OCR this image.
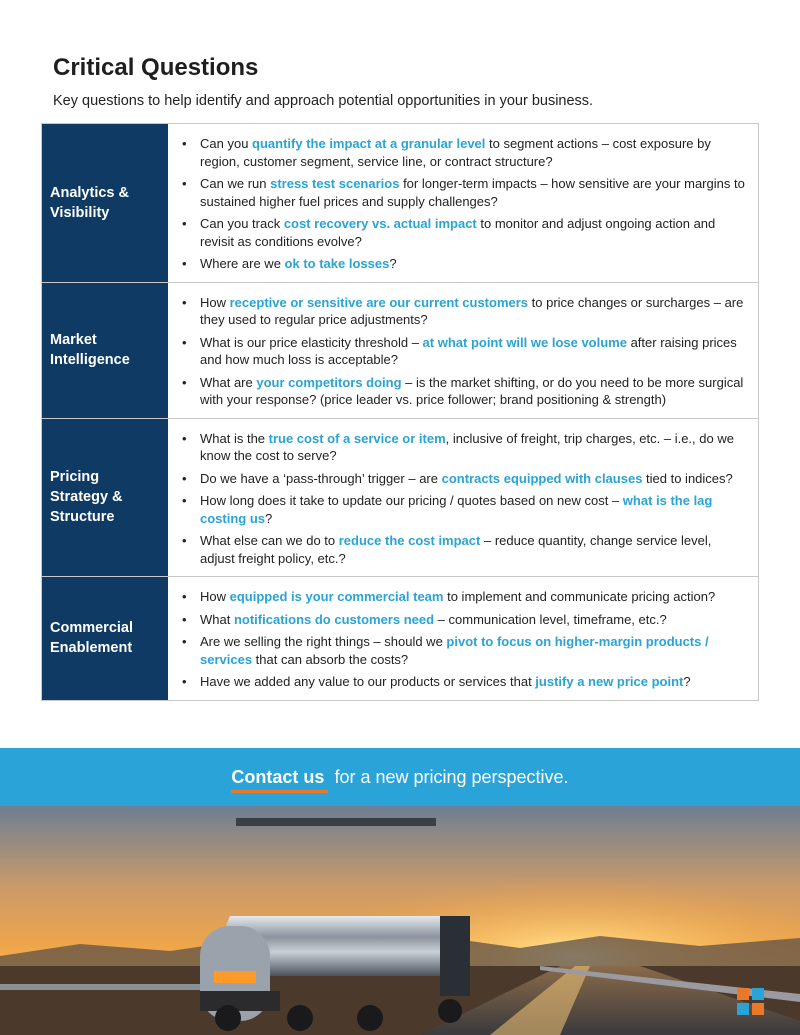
Critical Questions

Key questions to help identify and approach potential opportunities in your business.

Analytics &
Visibility
• Can you quantify the impact at a granular level to segment actions – cost exposure by region, customer segment, service line, or contract structure?
• Can we run stress test scenarios for longer-term impacts – how sensitive are your margins to sustained higher fuel prices and supply challenges?
• Can you track cost recovery vs. actual impact to monitor and adjust ongoing action and revisit as conditions evolve?
• Where are we ok to take losses?
Market
Intelligence
• How receptive or sensitive are our current customers to price changes or surcharges – are they used to regular price adjustments?
• What is our price elasticity threshold – at what point will we lose volume after raising prices and how much loss is acceptable?
• What are your competitors doing – is the market shifting, or do you need to be more surgical with your response? (price leader vs. price follower; brand positioning & strength)
Pricing
Strategy &
Structure
• What is the true cost of a service or item, inclusive of freight, trip charges, etc. – i.e., do we know the cost to serve?
• Do we have a ‘pass-through’ trigger – are contracts equipped with clauses tied to indices?
• How long does it take to update our pricing / quotes based on new cost – what is the lag costing us?
• What else can we do to reduce the cost impact – reduce quantity, change service level, adjust freight policy, etc.?
Commercial
Enablement
• How equipped is your commercial team to implement and communicate pricing action?
• What notifications do customers need – communication level, timeframe, etc.?
• Are we selling the right things – should we pivot to focus on higher-margin products / services that can absorb the costs?
• Have we added any value to our products or services that justify a new price point?
Contact us for a new pricing perspective.
